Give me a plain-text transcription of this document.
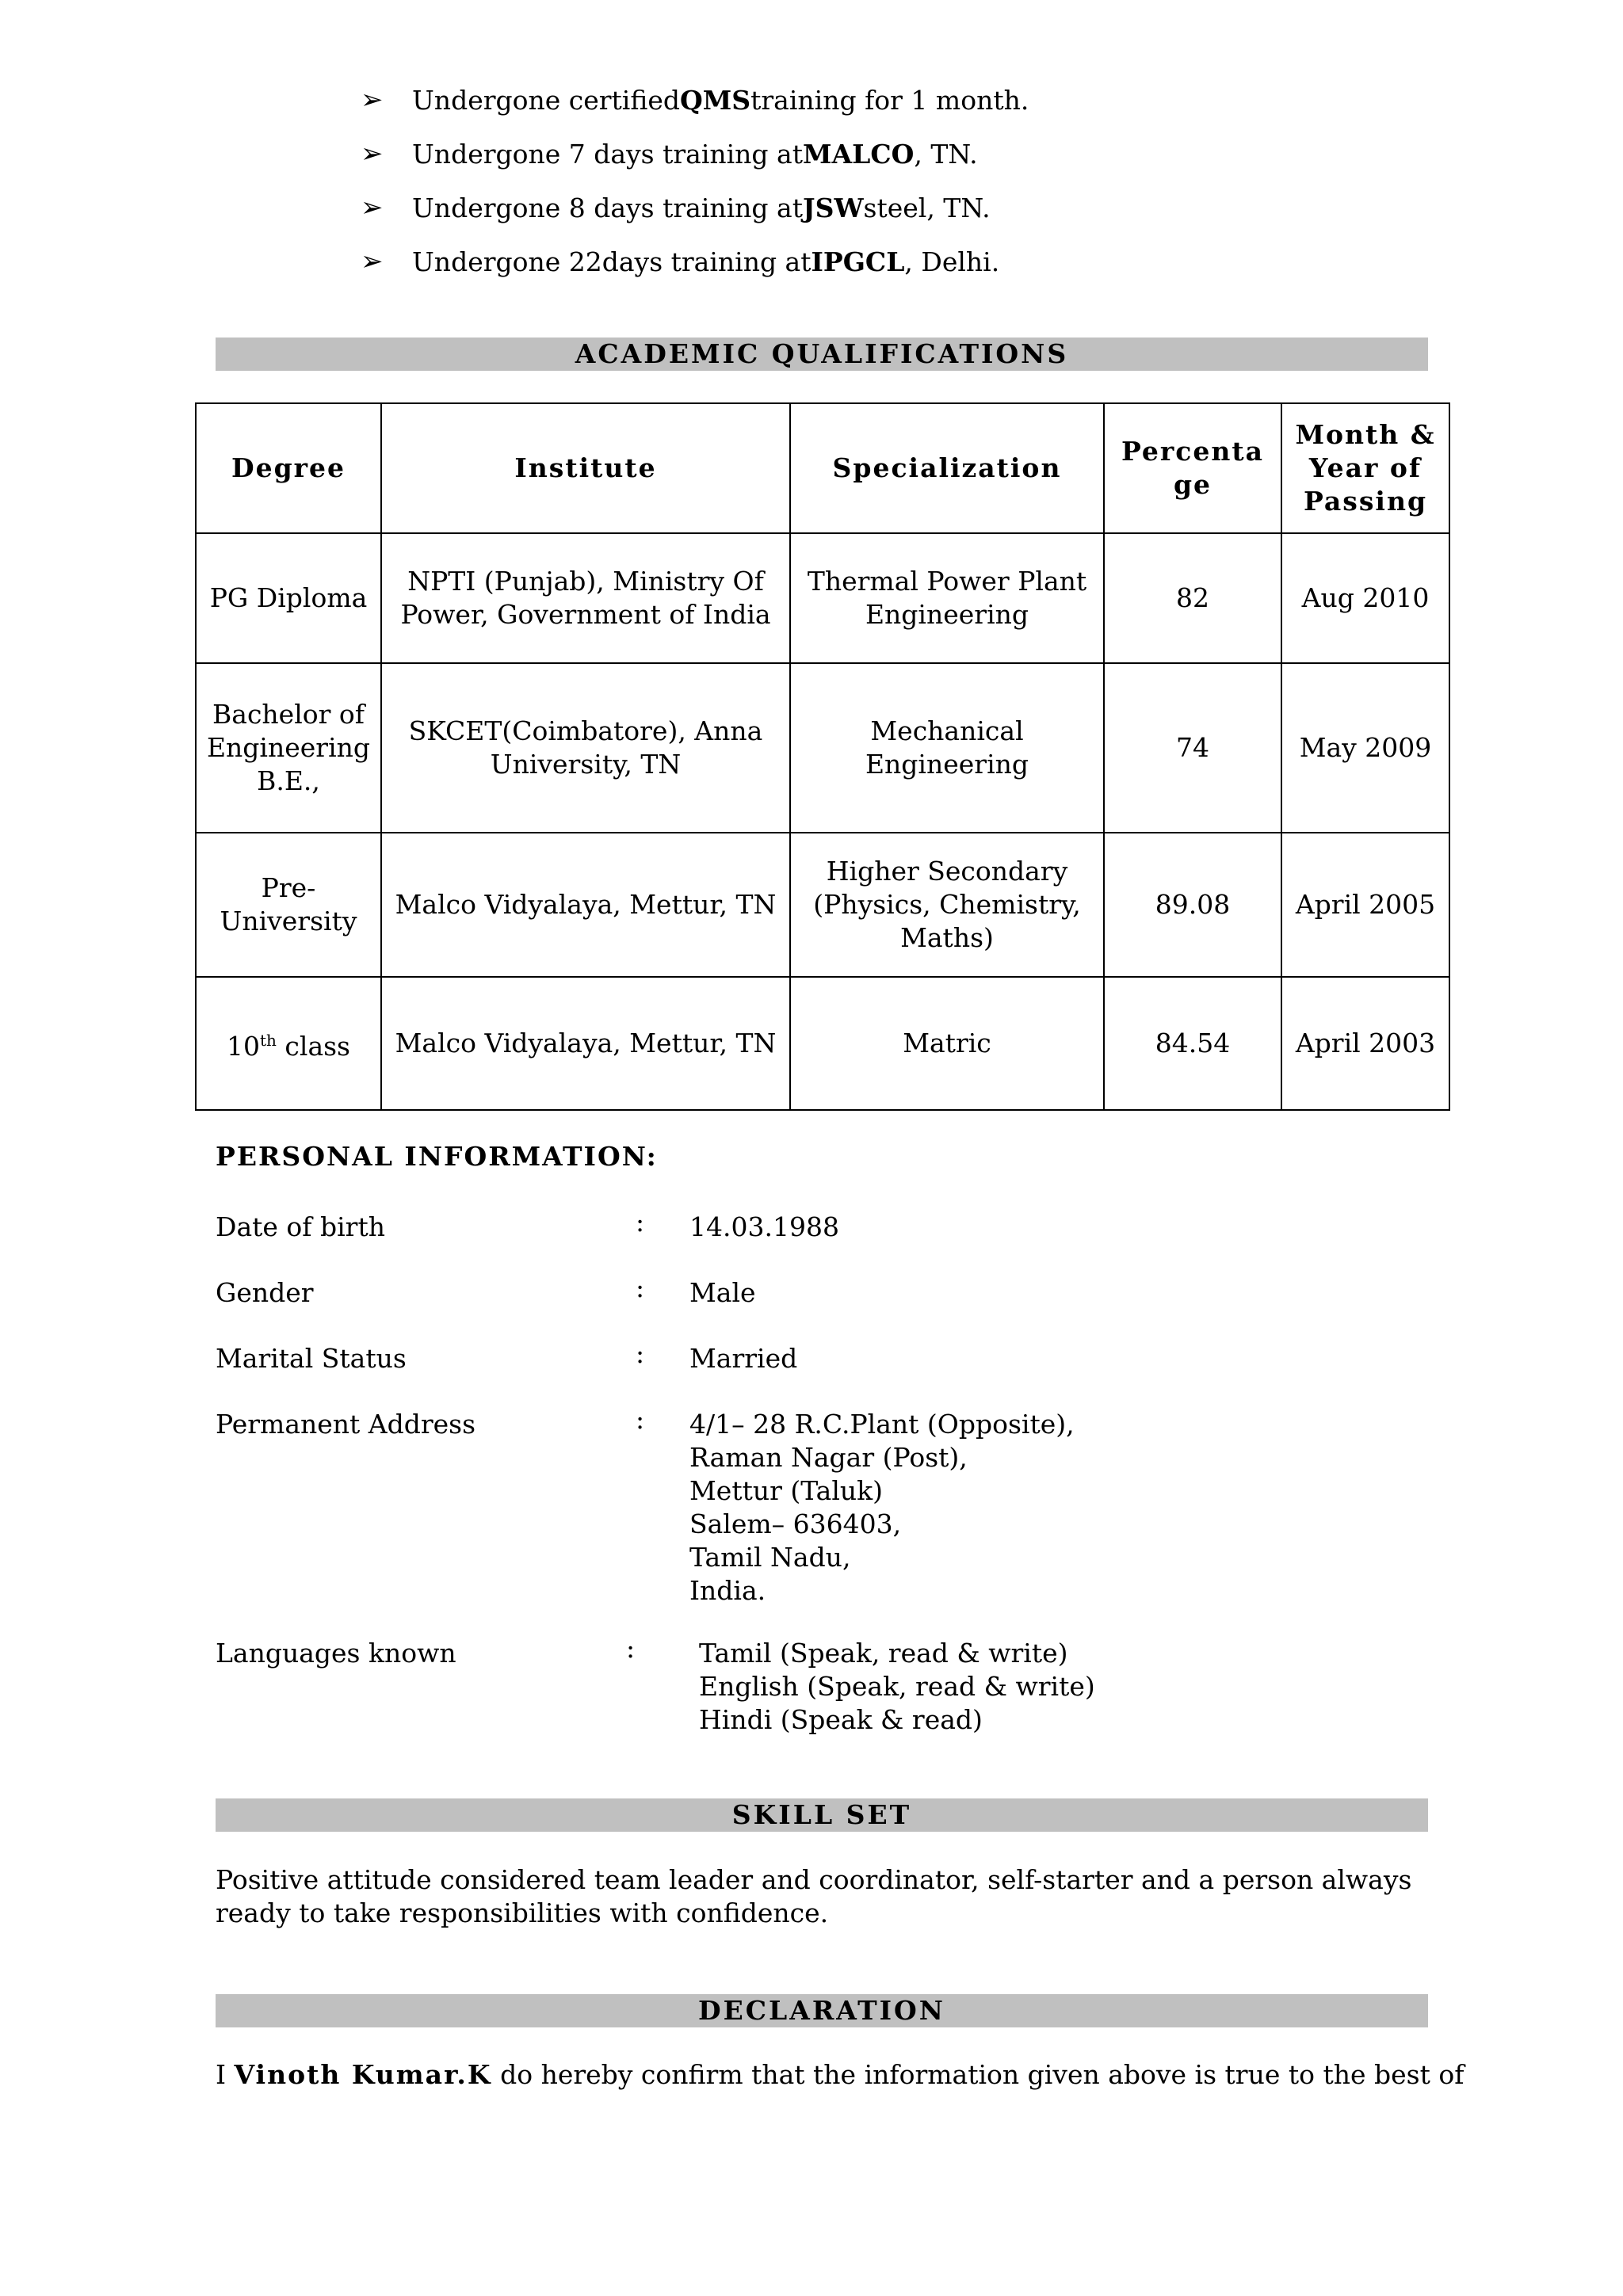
➢	Undergone certified QMS training for 1 month.
➢	Undergone 7 days training at MALCO , TN.
➢	Undergone 8 days training at JSW steel, TN.
➢	Undergone 22days training at IPGCL , Delhi.
ACADEMIC QUALIFICATIONS
Degree	Institute	Specialization	Percentage	Month & Year of Passing
PG Diploma	NPTI (Punjab), Ministry Of Power, Government of India	Thermal Power Plant Engineering	82	Aug 2010
Bachelor of Engineering B.E.,	SKCET(Coimbatore), Anna University, TN	Mechanical Engineering	74	May 2009
Pre-University	Malco Vidyalaya, Mettur, TN	Higher Secondary (Physics, Chemistry, Maths)	89.08	April 2005
10th class	Malco Vidyalaya, Mettur, TN	Matric	84.54	April 2003
PERSONAL INFORMATION:
Date of birth	: 14.03.1988
Gender	: Male
Marital Status	: Married
Permanent Address	: 4/1– 28 R.C.Plant (Opposite),
Raman Nagar (Post),
Mettur (Taluk)
Salem– 636403,
Tamil Nadu,
India.
Languages known	: Tamil (Speak, read & write)
English (Speak, read & write)
Hindi (Speak & read)
SKILL SET
Positive attitude considered team leader and coordinator, self-starter and a person always ready to take responsibilities with confidence.
DECLARATION
I Vinoth Kumar.K do hereby confirm that the information given above is true to the best of
